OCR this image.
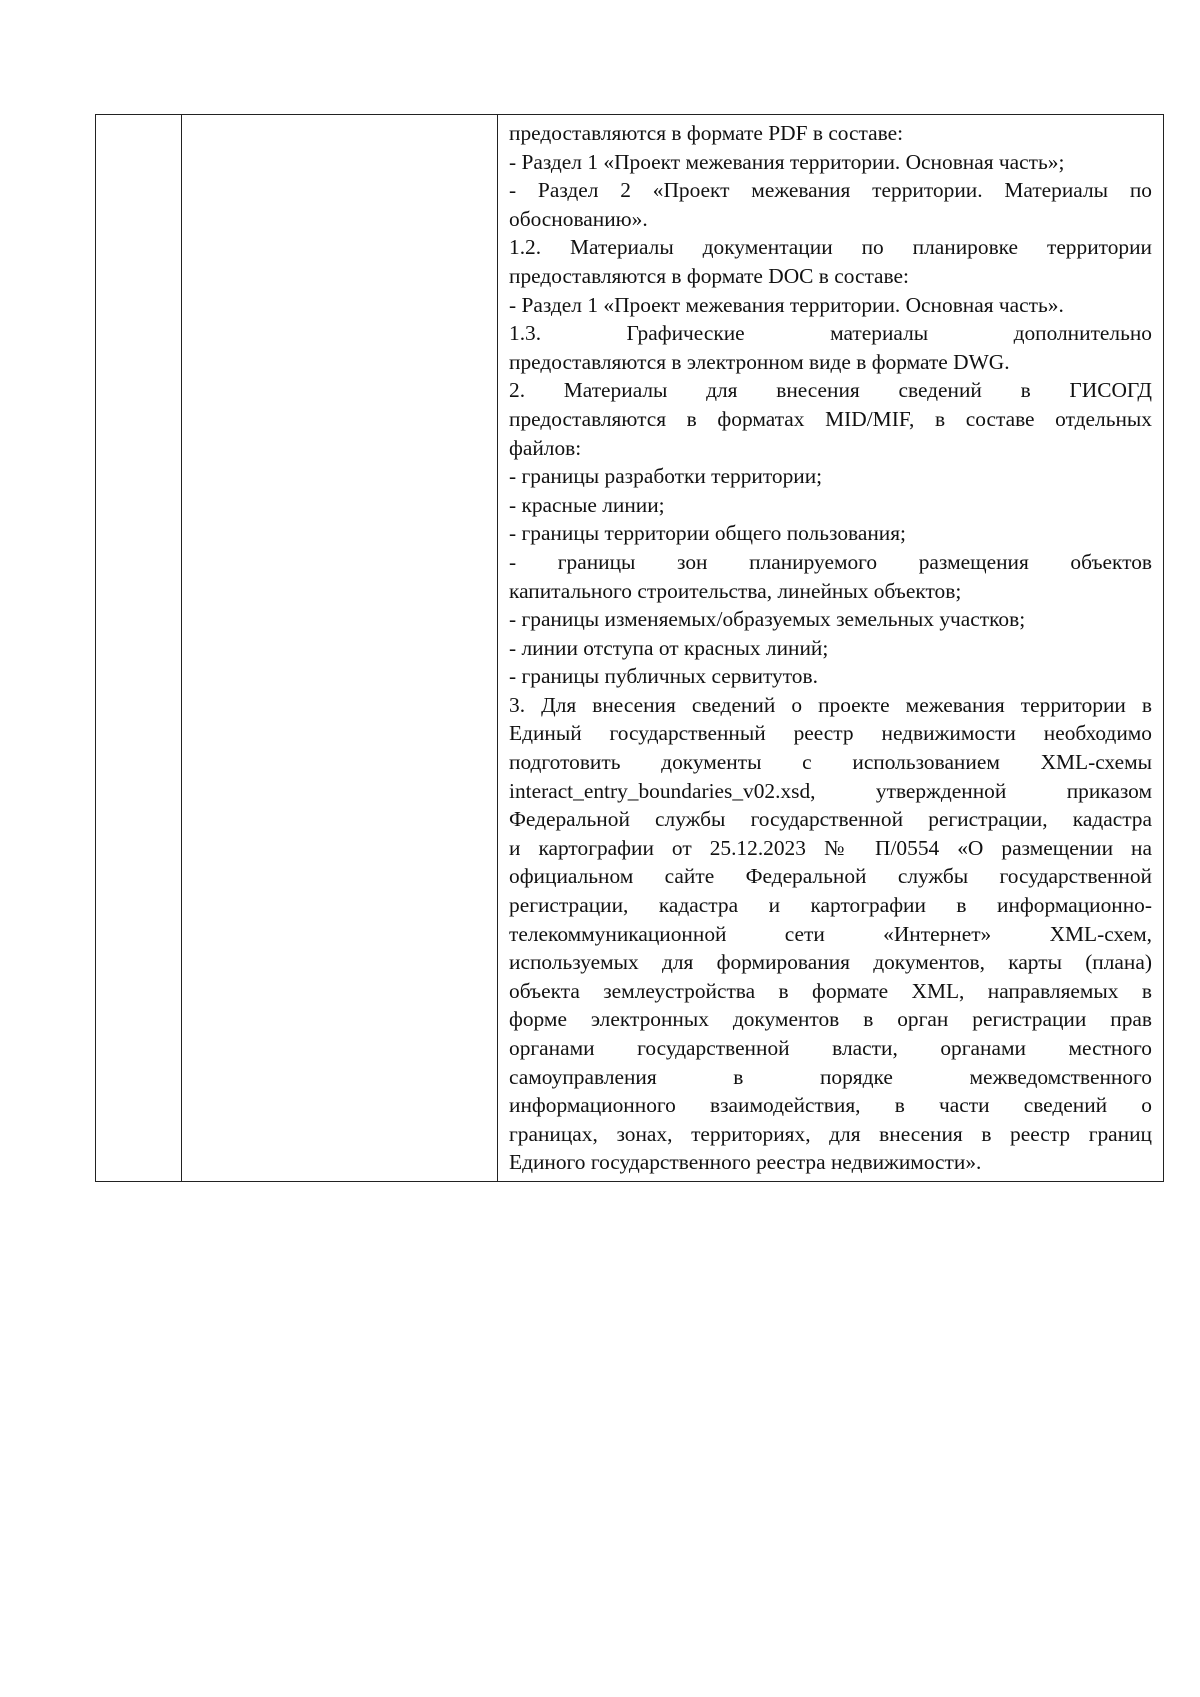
предоставляются в формате PDF в составе:
- Раздел 1 «Проект межевания территории. Основная часть»;
- Раздел 2 «Проект межевания территории. Материалы по
обоснованию».
1.2. Материалы документации по планировке территории
предоставляются в формате DOC в составе:
- Раздел 1 «Проект межевания территории. Основная часть».
1.3. Графические материалы дополнительно
предоставляются в электронном виде в формате DWG.
2. Материалы для внесения сведений в ГИСОГД
предоставляются в форматах MID/MIF, в составе отдельных
файлов:
- границы разработки территории;
- красные линии;
- границы территории общего пользования;
- границы зон планируемого размещения объектов
капитального строительства, линейных объектов;
- границы изменяемых/образуемых земельных участков;
- линии отступа от красных линий;
- границы публичных сервитутов.
3. Для внесения сведений о проекте межевания территории в
Единый государственный реестр недвижимости необходимо
подготовить документы с использованием XML-схемы
interact_entry_boundaries_v02.xsd, утвержденной приказом
Федеральной службы государственной регистрации, кадастра
и картографии от 25.12.2023 № П/0554 «О размещении на
официальном сайте Федеральной службы государственной
регистрации, кадастра и картографии в информационно-
телекоммуникационной сети «Интернет» XML-схем,
используемых для формирования документов, карты (плана)
объекта землеустройства в формате XML, направляемых в
форме электронных документов в орган регистрации прав
органами государственной власти, органами местного
самоуправления в порядке межведомственного
информационного взаимодействия, в части сведений о
границах, зонах, территориях, для внесения в реестр границ
Единого государственного реестра недвижимости».
